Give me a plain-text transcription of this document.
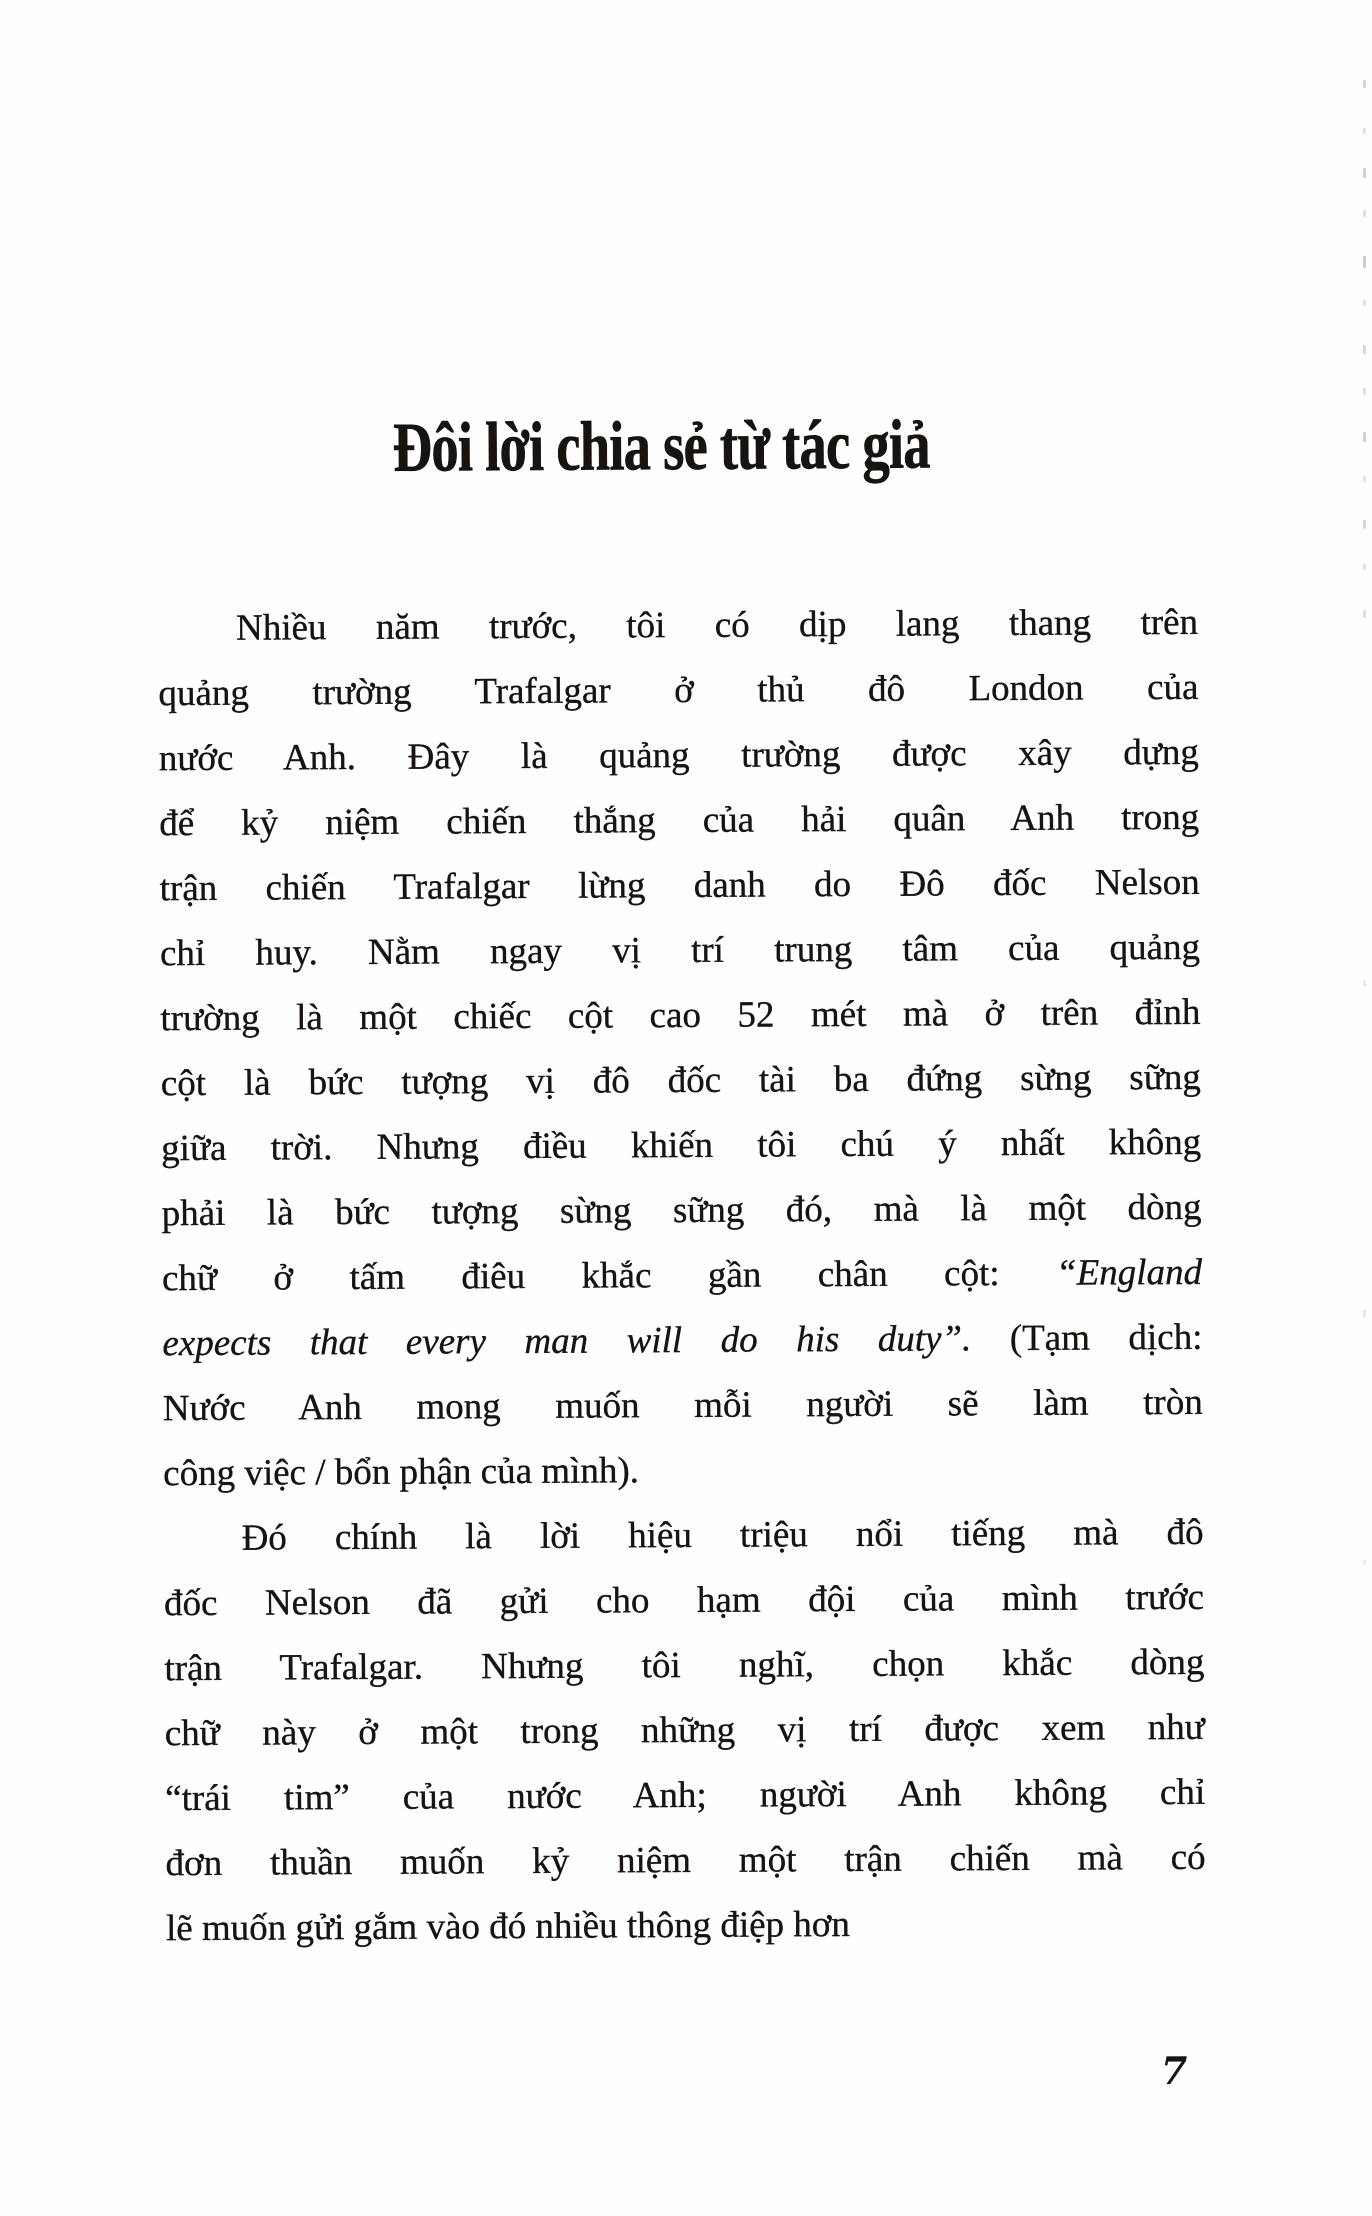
Đôi lời chia sẻ từ tác giả
Nhiều năm trước, tôi có dịp lang thang trên
quảng trường Trafalgar ở thủ đô London của
nước Anh. Đây là quảng trường được xây dựng
để kỷ niệm chiến thắng của hải quân Anh trong
trận chiến Trafalgar lừng danh do Đô đốc Nelson
chỉ huy. Nằm ngay vị trí trung tâm của quảng
trường là một chiếc cột cao 52 mét mà ở trên đỉnh
cột là bức tượng vị đô đốc tài ba đứng sừng sững
giữa trời. Nhưng điều khiến tôi chú ý nhất không
phải là bức tượng sừng sững đó, mà là một dòng
chữ ở tấm điêu khắc gần chân cột: “England
expects that every man will do his duty”. (Tạm dịch:
Nước Anh mong muốn mỗi người sẽ làm tròn
công việc / bổn phận của mình).
Đó chính là lời hiệu triệu nổi tiếng mà đô
đốc Nelson đã gửi cho hạm đội của mình trước
trận Trafalgar. Nhưng tôi nghĩ, chọn khắc dòng
chữ này ở một trong những vị trí được xem như
“trái tim” của nước Anh; người Anh không chỉ
đơn thuần muốn kỷ niệm một trận chiến mà có
lẽ muốn gửi gắm vào đó nhiều thông điệp hơn
7
